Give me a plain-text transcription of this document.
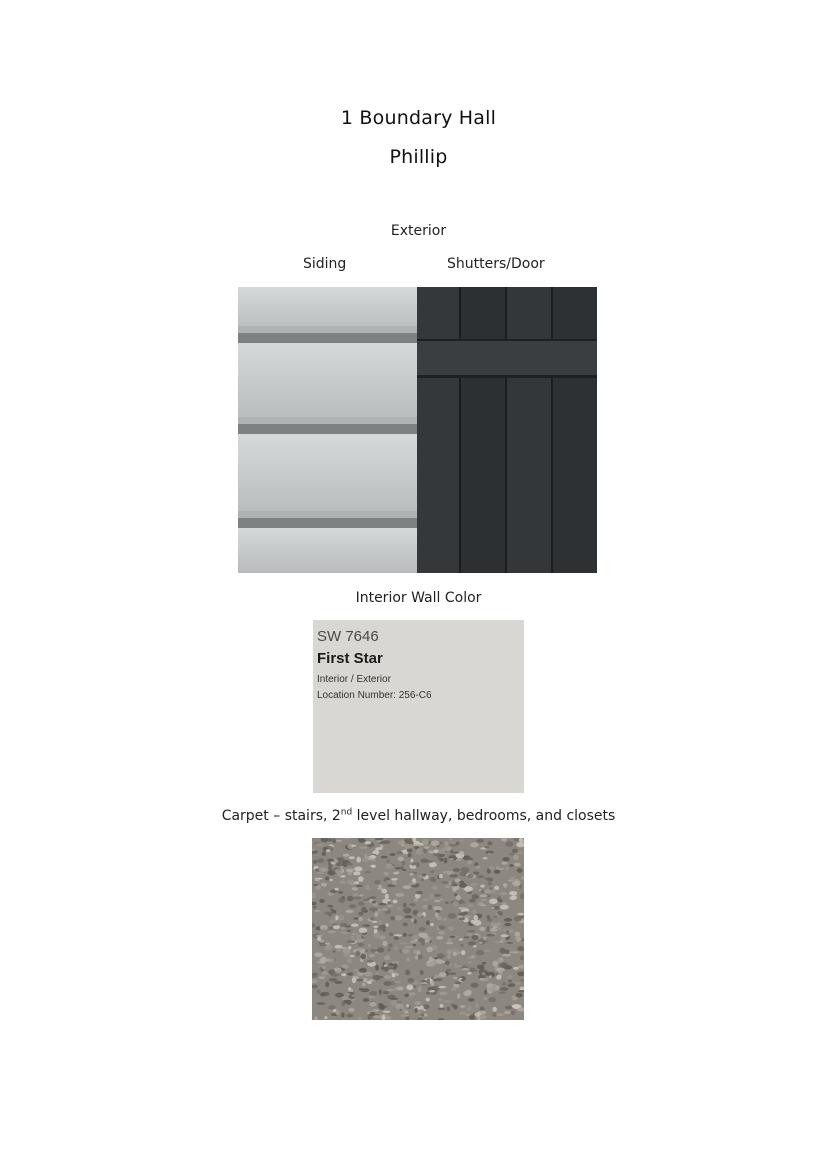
1 Boundary Hall
Phillip
Exterior
Siding	Shutters/Door
Interior Wall Color
SW 7646
First Star
Interior / Exterior
Location Number: 256-C6
Carpet – stairs, 2nd level hallway, bedrooms, and closets
